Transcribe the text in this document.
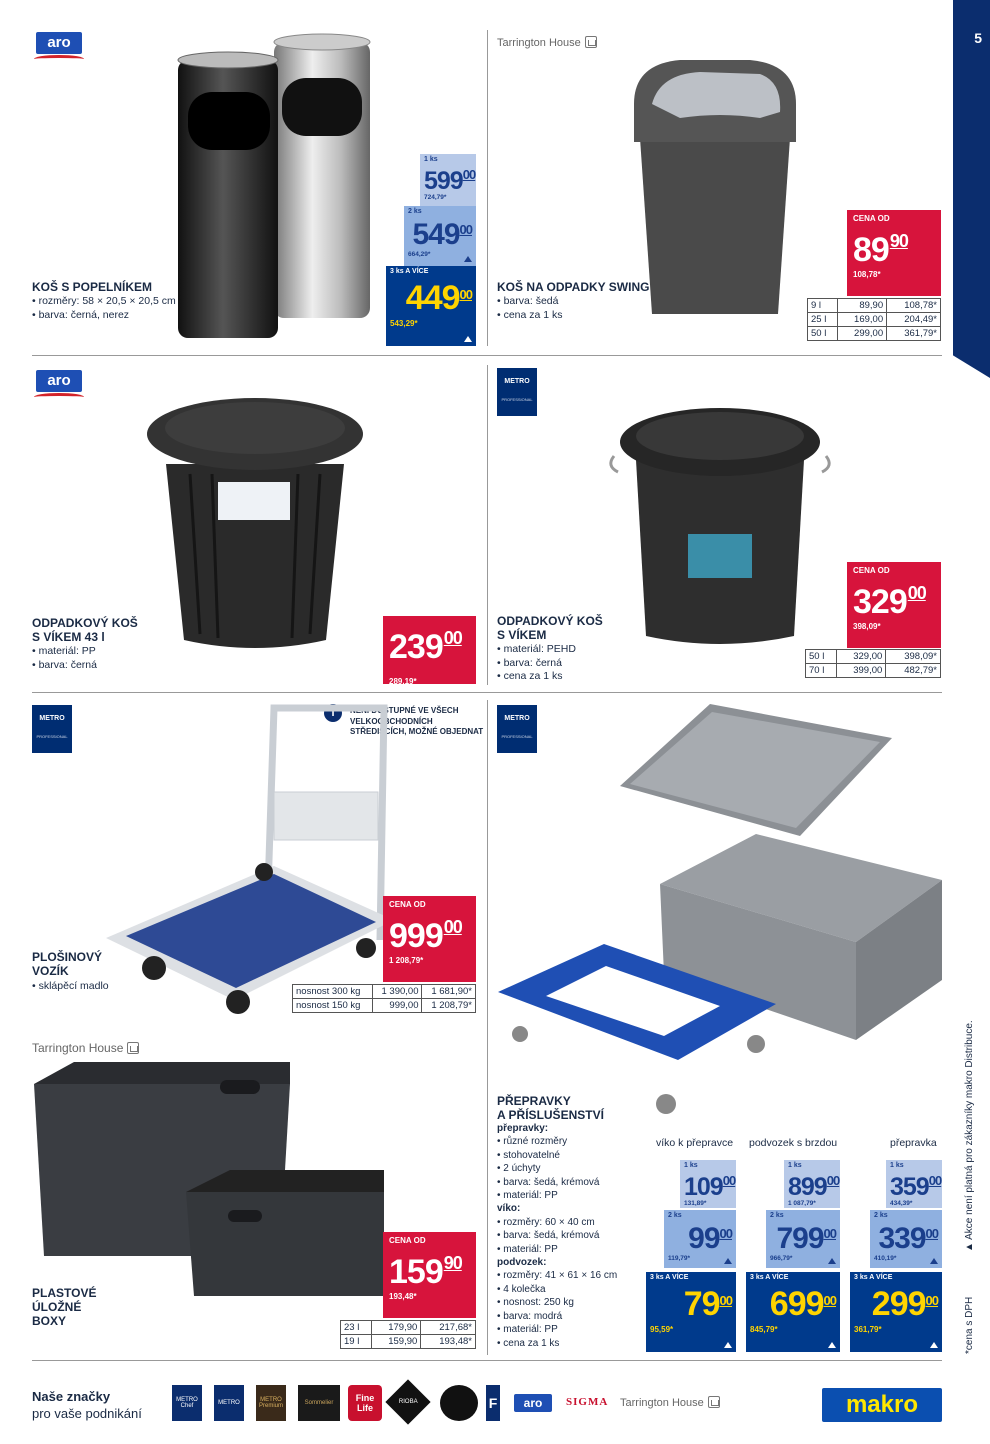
5
*cena s DPH
▲ Akce není platná pro zákazníky makro Distribuce.
aro
KOŠ S POPELNÍKEM
• rozměry: 58 × 20,5 × 20,5 cm
• barva: černá, nerez
1 ks
$599^{00}$
724,79*
2 ks
$549^{00}$
664,29*
3 ks A VÍCE
$449^{00}$
543,29*
Tarrington House
KOŠ NA ODPADKY SWING
• barva: šedá
• cena za 1 ks
CENA OD
$89^{90}$
108,78*
9 l	89,90	108,78*
25 l	169,00	204,49*
50 l	299,00	361,79*
aro
ODPADKOVÝ KOŠ
S VÍKEM 43 l
• materiál: PP
• barva: černá	$239^{00}$
289,19*
METRO
PROFESSIONAL
ODPADKOVÝ KOŠ
S VÍKEM
• materiál: PEHD
• barva: černá
• cena za 1 ks
CENA OD
$329^{00}$
398,09*
50 l	329,00	398,09*
70 l	399,00	482,79*
METRO
PROFESSIONAL
i	NENÍ DOSTUPNÉ VE VŠECH
VELKOOBCHODNÍCH
STŘEDISCÍCH, MOŽNÉ OBJEDNAT
PLOŠINOVÝ
VOZÍK
• sklápěcí madlo
CENA OD
$999^{00}$
1 208,79*
nosnost 300 kg	1 390,00	1 681,90*
nosnost 150 kg	999,00	1 208,79*
Tarrington House
PLASTOVÉ
ÚLOŽNÉ
BOXY
CENA OD
$159^{90}$
193,48*
23 l	179,90	217,68*
19 l	159,90	193,48*
METRO
PROFESSIONAL
PŘEPRAVKY
A PŘÍSLUŠENSTVÍ
přepravky:
• různé rozměry
• stohovatelné
• 2 úchyty
• barva: šedá, krémová
• materiál: PP
víko:
• rozměry: 60 × 40 cm
• barva: šedá, krémová
• materiál: PP
podvozek:
• rozměry: 41 × 61 × 16 cm
• 4 kolečka
• nosnost: 250 kg
• barva: modrá
• materiál: PP
• cena za 1 ks
víko k přepravce podvozek s brzdou	přepravka
1 ks
$109^{00}$
131,89*
2 ks
$99^{00}$
119,79*
3 ks A VÍCE
$79^{00}$
95,59*
1 ks
$899^{00}$
1 087,79*
2 ks
$799^{00}$
966,79*
3 ks A VÍCE
$699^{00}$
845,79*
1 ks
$359^{00}$
434,39*
2 ks
$339^{00}$
410,19*
3 ks A VÍCE
$299^{00}$
361,79*
Naše značky
pro vaše podnikání
METRO Chef	METRO	METRO Premium	Sommelier	Fine Life
RIOBA	F	aro	SIGMA Tarrington House	makro
